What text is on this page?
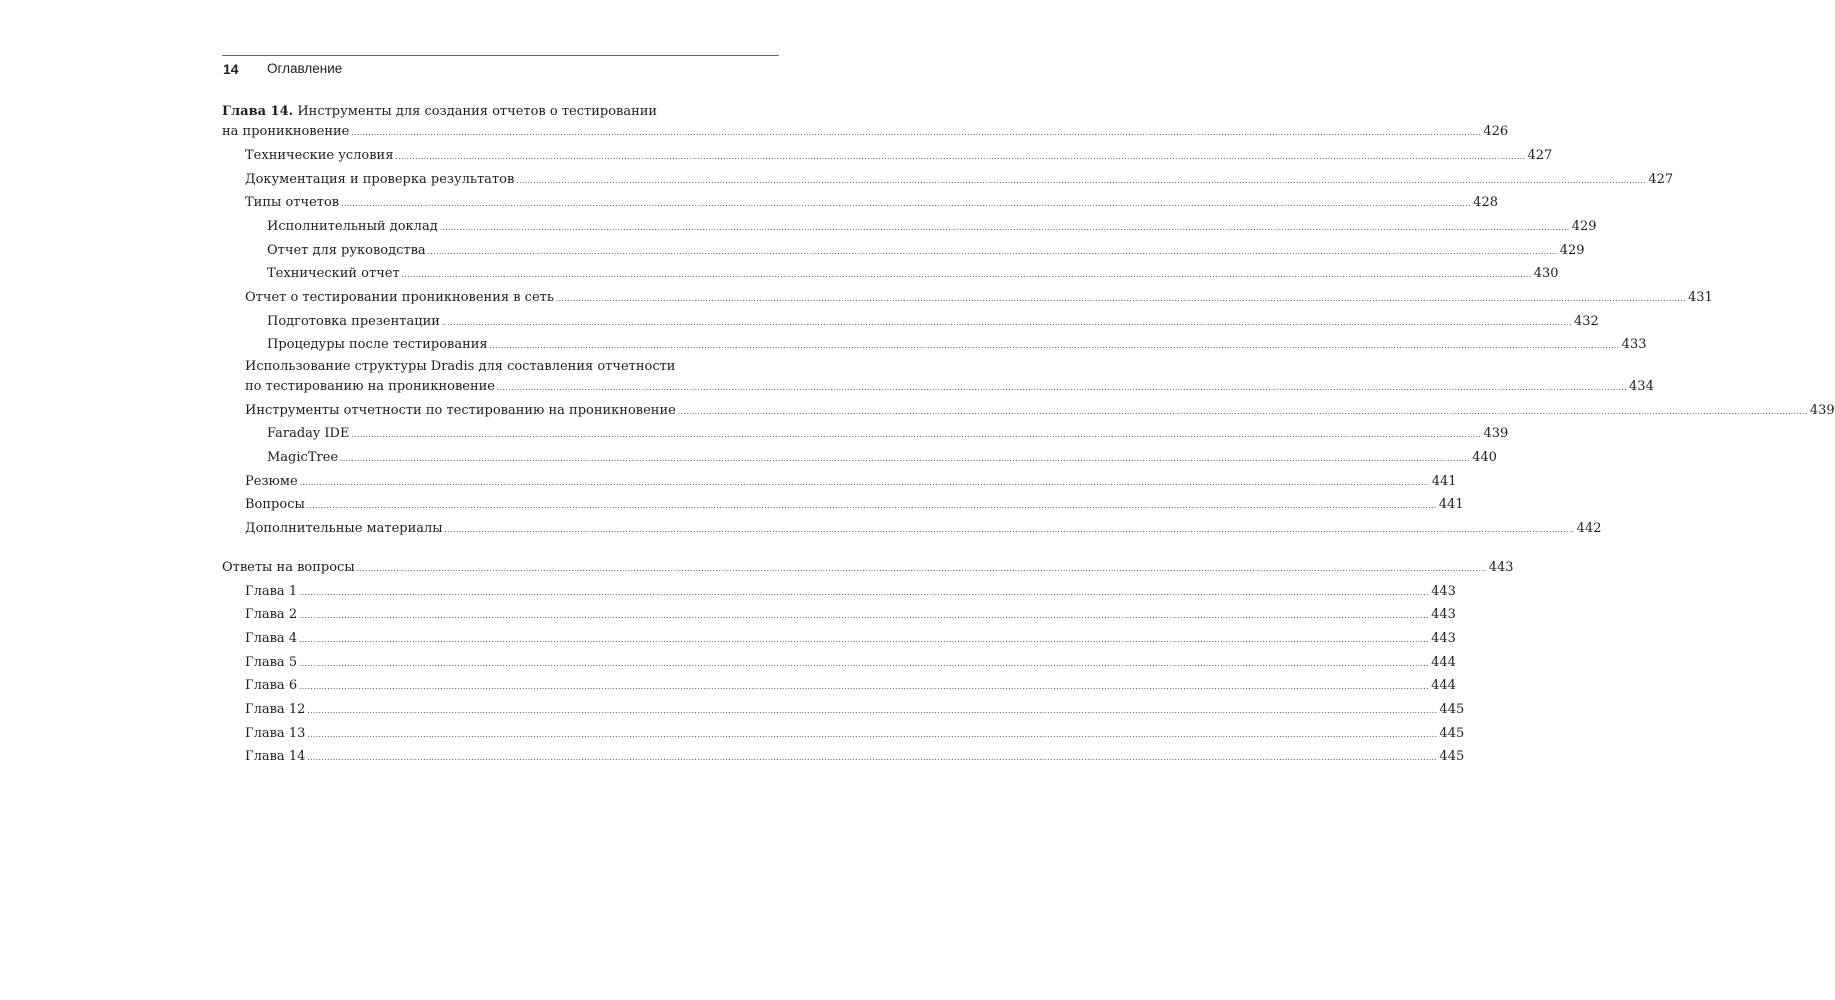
14 Оглавление
Глава 14. Инструменты для создания отчетов о тестировании
на проникновение ................................................................................................................................................................................................................................................................................................................................................................................................................ 426
Технические условия ................................................................................................................................................................................................................................................................................................................................................................................................................ 427
Документация и проверка результатов ................................................................................................................................................................................................................................................................................................................................................................................................................ 427
Типы отчетов ................................................................................................................................................................................................................................................................................................................................................................................................................ 428
Исполнительный доклад ................................................................................................................................................................................................................................................................................................................................................................................................................ 429
Отчет для руководства ................................................................................................................................................................................................................................................................................................................................................................................................................ 429
Технический отчет ................................................................................................................................................................................................................................................................................................................................................................................................................ 430
Отчет о тестировании проникновения в сеть ................................................................................................................................................................................................................................................................................................................................................................................................................ 431
Подготовка презентации ................................................................................................................................................................................................................................................................................................................................................................................................................ 432
Процедуры после тестирования ................................................................................................................................................................................................................................................................................................................................................................................................................ 433
Использование структуры Dradis для составления отчетности
по тестированию на проникновение ................................................................................................................................................................................................................................................................................................................................................................................................................ 434
Инструменты отчетности по тестированию на проникновение ................................................................................................................................................................................................................................................................................................................................................................................................................ 439
Faraday IDE ................................................................................................................................................................................................................................................................................................................................................................................................................ 439
MagicTree ................................................................................................................................................................................................................................................................................................................................................................................................................ 440
Резюме ................................................................................................................................................................................................................................................................................................................................................................................................................ 441
Вопросы ................................................................................................................................................................................................................................................................................................................................................................................................................ 441
Дополнительные материалы ................................................................................................................................................................................................................................................................................................................................................................................................................ 442
Ответы на вопросы ................................................................................................................................................................................................................................................................................................................................................................................................................ 443
Глава 1 ................................................................................................................................................................................................................................................................................................................................................................................................................ 443
Глава 2 ................................................................................................................................................................................................................................................................................................................................................................................................................ 443
Глава 4 ................................................................................................................................................................................................................................................................................................................................................................................................................ 443
Глава 5 ................................................................................................................................................................................................................................................................................................................................................................................................................ 444
Глава 6 ................................................................................................................................................................................................................................................................................................................................................................................................................ 444
Глава 12 ................................................................................................................................................................................................................................................................................................................................................................................................................ 445
Глава 13 ................................................................................................................................................................................................................................................................................................................................................................................................................ 445
Глава 14 ................................................................................................................................................................................................................................................................................................................................................................................................................ 445
